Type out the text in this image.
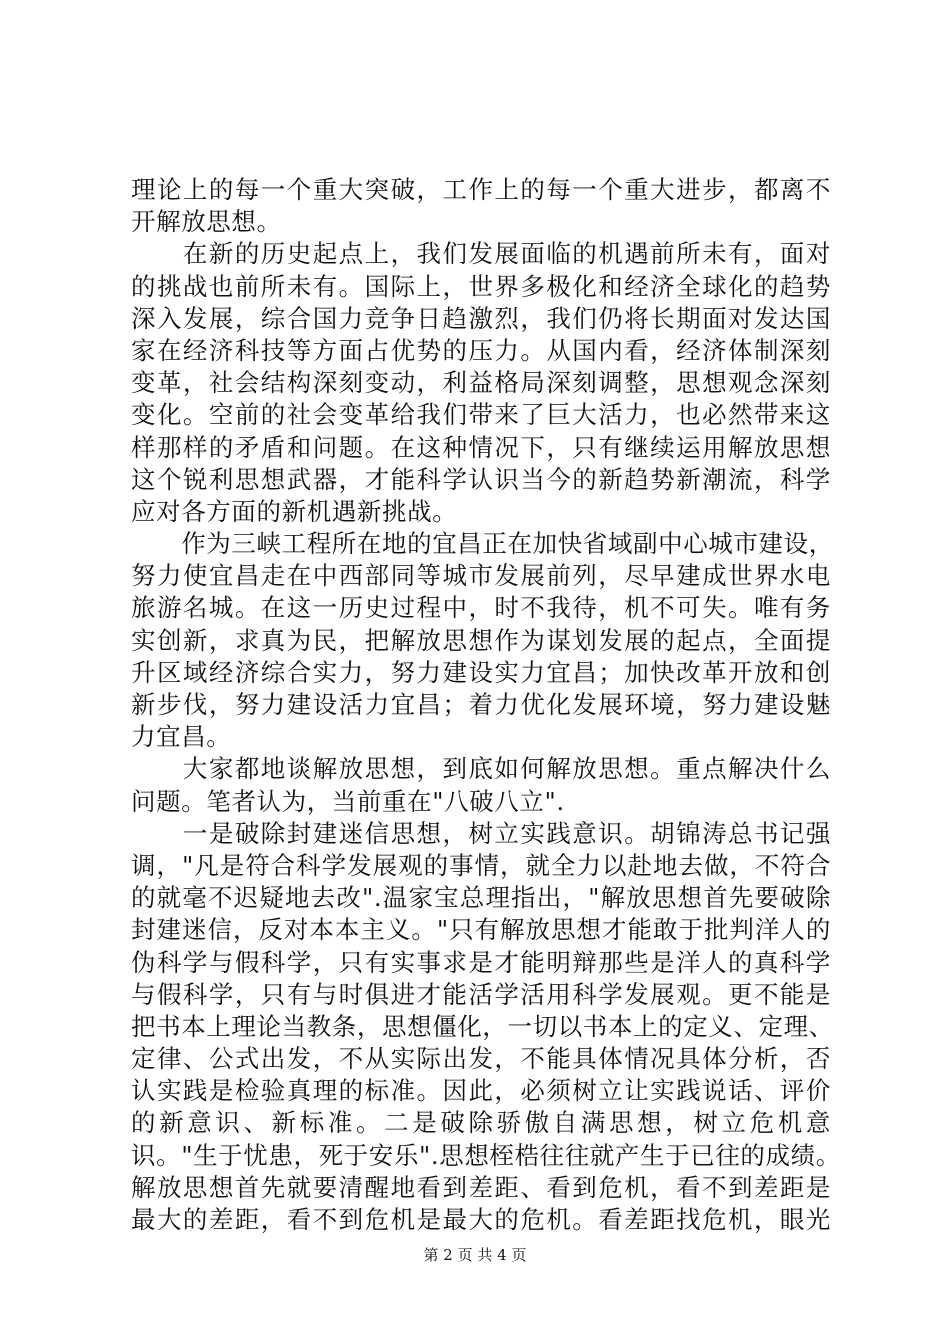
理论上的每一个重大突破，工作上的每一个重大进步，都离不
开解放思想。
　　在新的历史起点上，我们发展面临的机遇前所未有，面对
的挑战也前所未有。国际上，世界多极化和经济全球化的趋势
深入发展，综合国力竞争日趋激烈，我们仍将长期面对发达国
家在经济科技等方面占优势的压力。从国内看，经济体制深刻
变革，社会结构深刻变动，利益格局深刻调整，思想观念深刻
变化。空前的社会变革给我们带来了巨大活力，也必然带来这
样那样的矛盾和问题。在这种情况下，只有继续运用解放思想
这个锐利思想武器，才能科学认识当今的新趋势新潮流，科学
应对各方面的新机遇新挑战。
　　作为三峡工程所在地的宜昌正在加快省域副中心城市建设，
努力使宜昌走在中西部同等城市发展前列，尽早建成世界水电
旅游名城。在这一历史过程中，时不我待，机不可失。唯有务
实创新，求真为民，把解放思想作为谋划发展的起点，全面提
升区域经济综合实力，努力建设实力宜昌；加快改革开放和创
新步伐，努力建设活力宜昌；着力优化发展环境，努力建设魅
力宜昌。
　　大家都地谈解放思想，到底如何解放思想。重点解决什么
问题。笔者认为，当前重在"八破八立".
　　一是破除封建迷信思想，树立实践意识。胡锦涛总书记强
调，"凡是符合科学发展观的事情，就全力以赴地去做，不符合
的就毫不迟疑地去改".温家宝总理指出，"解放思想首先要破除
封建迷信，反对本本主义。"只有解放思想才能敢于批判洋人的
伪科学与假科学，只有实事求是才能明辩那些是洋人的真科学
与假科学，只有与时俱进才能活学活用科学发展观。更不能是
把书本上理论当教条，思想僵化，一切以书本上的定义、定理、
定律、公式出发，不从实际出发，不能具体情况具体分析，否
认实践是检验真理的标准。因此，必须树立让实践说话、评价
的新意识、新标准。二是破除骄傲自满思想，树立危机意
识。"生于忧患，死于安乐".思想桎梏往往就产生于已往的成绩。
解放思想首先就要清醒地看到差距、看到危机，看不到差距是
最大的差距，看不到危机是最大的危机。看差距找危机，眼光
第 2 页 共 4 页
